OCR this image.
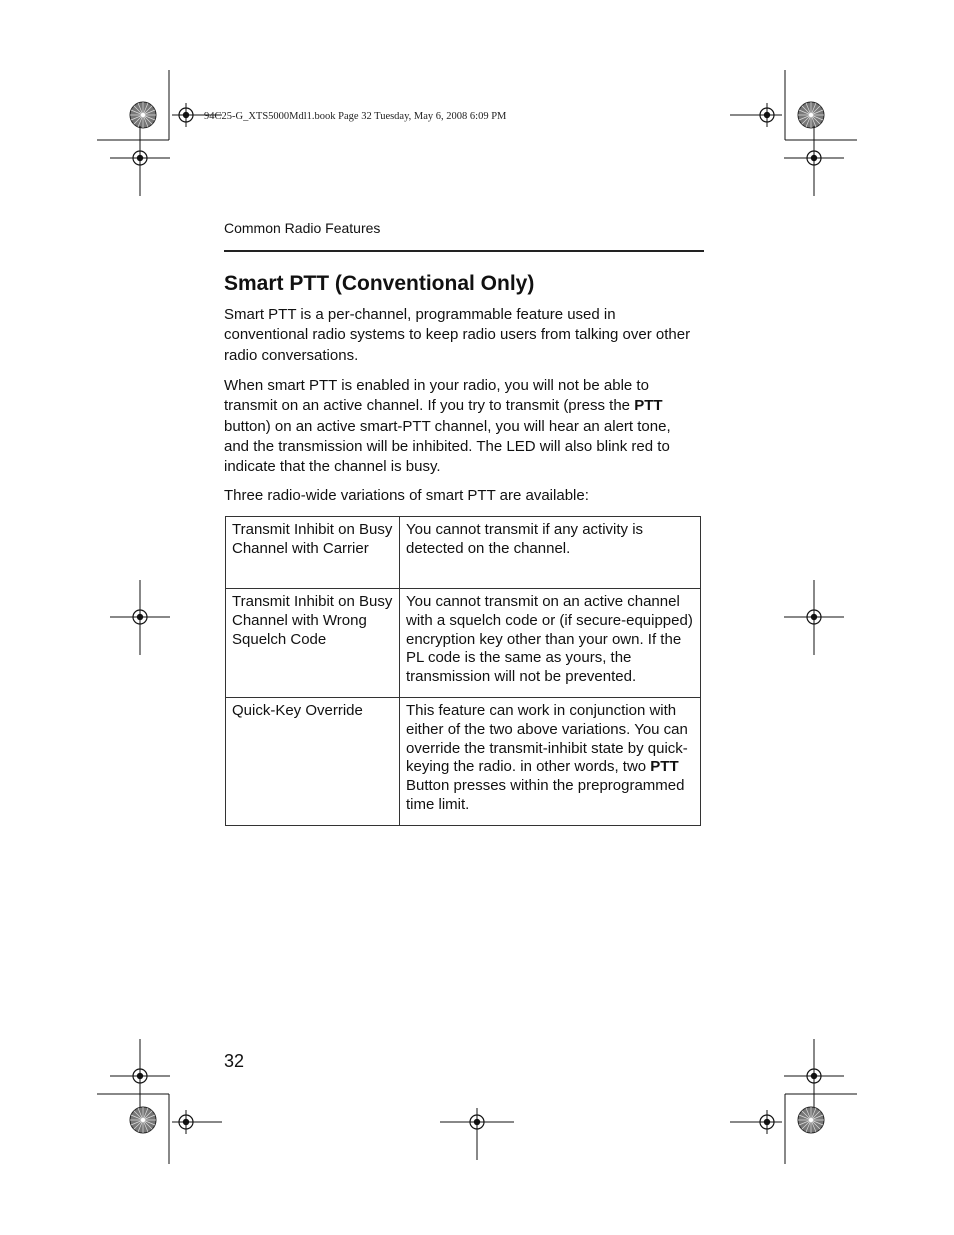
94C25-G_XTS5000Mdl1.book Page 32 Tuesday, May 6, 2008 6:09 PM
Common Radio Features
Smart PTT (Conventional Only)

Smart PTT is a per-channel, programmable feature used in conventional radio systems to keep radio users from talking over other radio conversations.

When smart PTT is enabled in your radio, you will not be able to transmit on an active channel. If you try to transmit (press the PTT button) on an active smart-PTT channel, you will hear an alert tone, and the transmission will be inhibited. The LED will also blink red to indicate that the channel is busy.

Three radio-wide variations of smart PTT are available:

Transmit Inhibit on Busy Channel with Carrier	You cannot transmit if any activity is detected on the channel.
Transmit Inhibit on Busy Channel with Wrong Squelch Code	You cannot transmit on an active channel with a squelch code or (if secure-equipped) encryption key other than your own. If the PL code is the same as yours, the transmission will not be prevented.
Quick-Key Override	This feature can work in conjunction with either of the two above variations. You can override the transmit-inhibit state by quick-keying the radio. in other words, two PTT Button presses within the preprogrammed time limit.
32
